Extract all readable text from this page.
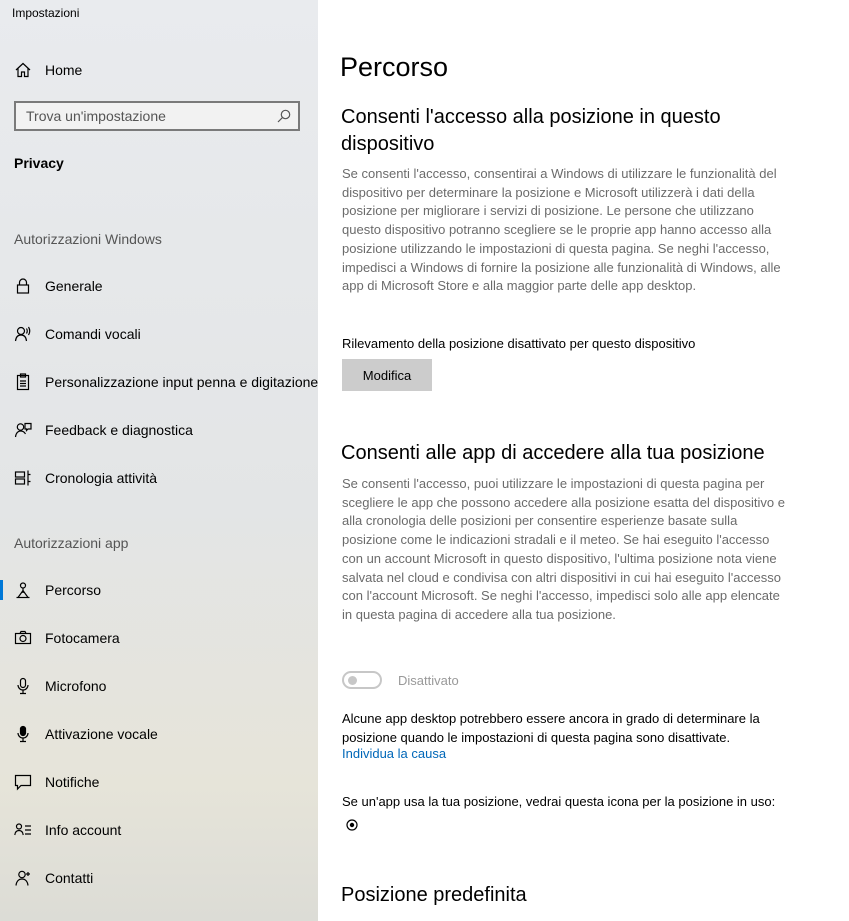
Impostazioni
Home
Trova un'impostazione
Privacy
Autorizzazioni Windows
Generale
Comandi vocali
Personalizzazione input penna e digitazione
Feedback e diagnostica
Cronologia attività
Autorizzazioni app
Percorso
Fotocamera
Microfono
Attivazione vocale
Notifiche
Info account
Contatti
Percorso
Consenti l'accesso alla posizione in questo dispositivo
Se consenti l'accesso, consentirai a Windows di utilizzare le funzionalità del dispositivo per determinare la posizione e Microsoft utilizzerà i dati della posizione per migliorare i servizi di posizione. Le persone che utilizzano questo dispositivo potranno scegliere se le proprie app hanno accesso alla posizione utilizzando le impostazioni di questa pagina. Se neghi l'accesso, impedisci a Windows di fornire la posizione alle funzionalità di Windows, alle app di Microsoft Store e alla maggior parte delle app desktop.
Rilevamento della posizione disattivato per questo dispositivo
Modifica
Consenti alle app di accedere alla tua posizione
Se consenti l'accesso, puoi utilizzare le impostazioni di questa pagina per scegliere le app che possono accedere alla posizione esatta del dispositivo e alla cronologia delle posizioni per consentire esperienze basate sulla posizione come le indicazioni stradali e il meteo. Se hai eseguito l'accesso con un account Microsoft in questo dispositivo, l'ultima posizione nota viene salvata nel cloud e condivisa con altri dispositivi in cui hai eseguito l'accesso con l'account Microsoft. Se neghi l'accesso, impedisci solo alle app elencate in questa pagina di accedere alla tua posizione.
Disattivato
Alcune app desktop potrebbero essere ancora in grado di determinare la posizione quando le impostazioni di questa pagina sono disattivate.
Individua la causa
Se un'app usa la tua posizione, vedrai questa icona per la posizione in uso:
Posizione predefinita
